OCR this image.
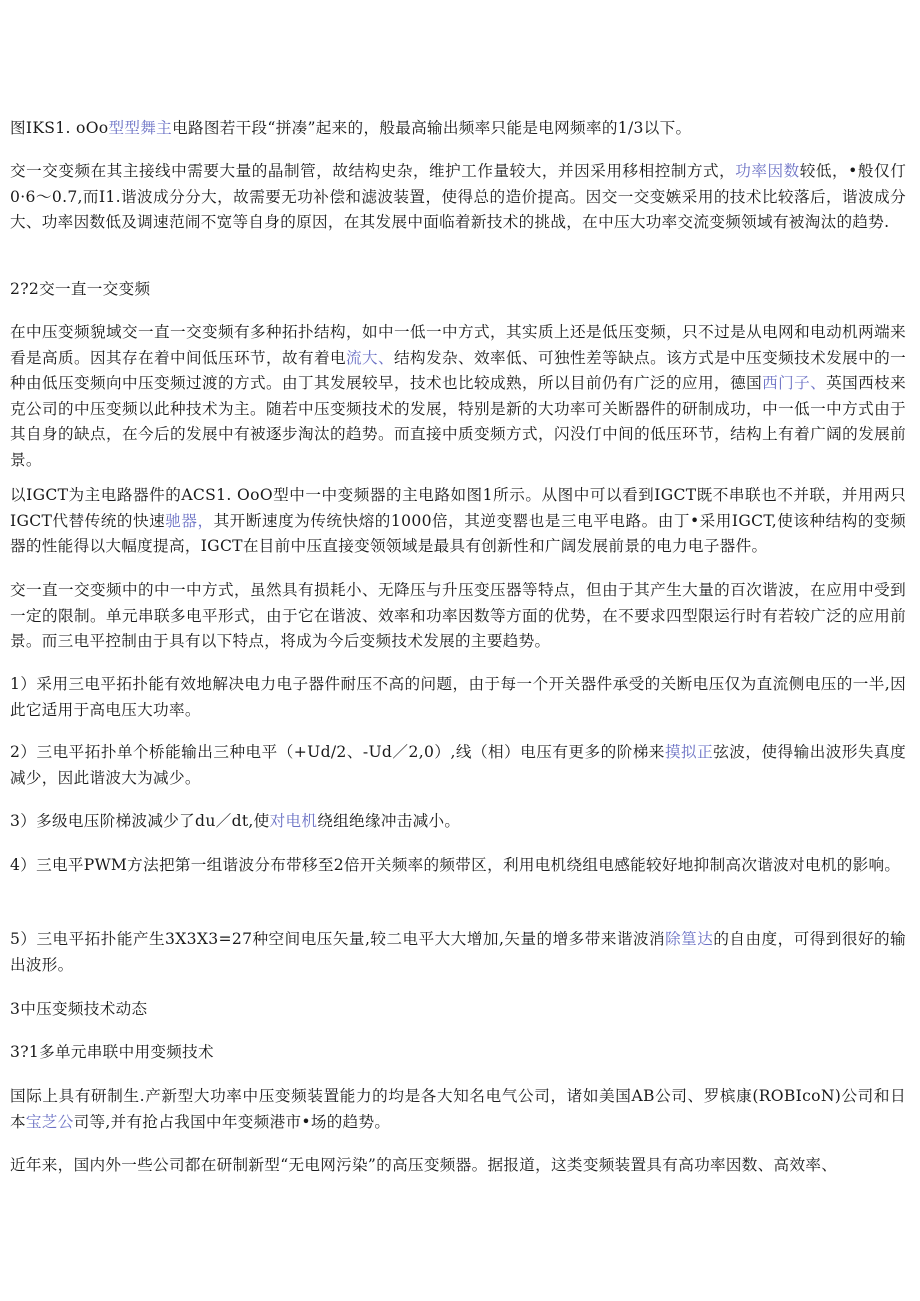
图IKS1. oOo型型舞主电路图若干段“拼凑”起来的，般最高输出频率只能是电网频率的1/3以下。

交一交变频在其主接线中需要大量的晶制管，故结构史杂，维护工作量较大，并因采用移相控制方式，功率因数较低，•般仅仃0·6～0.7,而I1.谐波成分分大，故需要无功补偿和滤波装置，使得总的造价提高。因交一交变嫉采用的技术比较落后，谐波成分大、功率因数低及调速范闹不宽等自身的原因，在其发展中面临着新技术的挑战，在中压大功率交流变频领域有被淘汰的趋势.

2?2交一直一交变频

在中压变频貌域交一直一交变频有多种拓扑结构，如中一低一中方式，其实质上还是低压变频，只不过是从电网和电动机两端来看是高质。因其存在着中间低压环节，故有着电流大、结构发杂、效率低、可独性差等缺点。该方式是中压变频技术发展中的一种由低压变频向中压变频过渡的方式。由丁其发展较早，技术也比较成熟，所以目前仍有广泛的应用，德国西门子、英国西枝来克公司的中压变频以此种技术为主。随若中压变频技术的发展，特别是新的大功率可关断器件的研制成功，中一低一中方式由于其自身的缺点，在今后的发展中有被逐步淘汰的趋势。而直接中质变频方式，闪没仃中间的低压环节，结构上有着广阔的发展前景。

以IGCT为主电路器件的ACS1. OoO型中一中变频器的主电路如图1所示。从图中可以看到IGCT既不串联也不并联，并用两只IGCT代替传统的快速驰器，其开断速度为传统快熔的1000倍，其逆变罂也是三电平电路。由丁•采用IGCT,使该种结构的变频器的性能得以大幅度提高，IGCT在目前中压直接变领领域是最具有创新性和广阔发展前景的电力电子器件。

交一直一交变频中的中一中方式，虽然具有损耗小、无降压与升压变压器等特点，但由于其产生大量的百次谐波，在应用中受到一定的限制。单元串联多电平形式，由于它在谐波、效率和功率因数等方面的优势，在不要求四型限运行时有若较广泛的应用前景。而三电平控制由于具有以下特点，将成为今后变频技术发展的主要趋势。

1）采用三电平拓扑能有效地解决电力电子器件耐压不高的问题，由于每一个开关器件承受的关断电压仅为直流侧电压的一半,因此它适用于高电压大功率。

2）三电平拓扑单个桥能输出三种电平（+Ud/2、-Ud／2,0）,线（相）电压有更多的阶梯来摸拟正弦波，使得输出波形失真度减少，因此谐波大为减少。

3）多级电压阶梯波减少了du／dt,使对电机绕组绝缘冲击减小。

4）三电平PWM方法把第一组谐波分布带移至2倍开关频率的频带区，利用电机绕组电感能较好地抑制高次谐波对电机的影响。

5）三电平拓扑能产生3X3X3=27种空间电压矢量,较二电平大大增加,矢量的增多带来谐波消除篁达的自由度，可得到很好的输出波形。

3中压变频技术动态

3?1多单元串联中用变频技术

国际上具有研制生.产新型大功率中压变频装置能力的均是各大知名电气公司，诸如美国AB公司、罗槟康(ROBIcoN)公司和日本宝芝公司等,并有抢占我国中年变频港市•场的趋势。

近年来，国内外一些公司都在研制新型“无电网污染”的高压变频器。据报道，这类变频装置具有高功率因数、高效率、
